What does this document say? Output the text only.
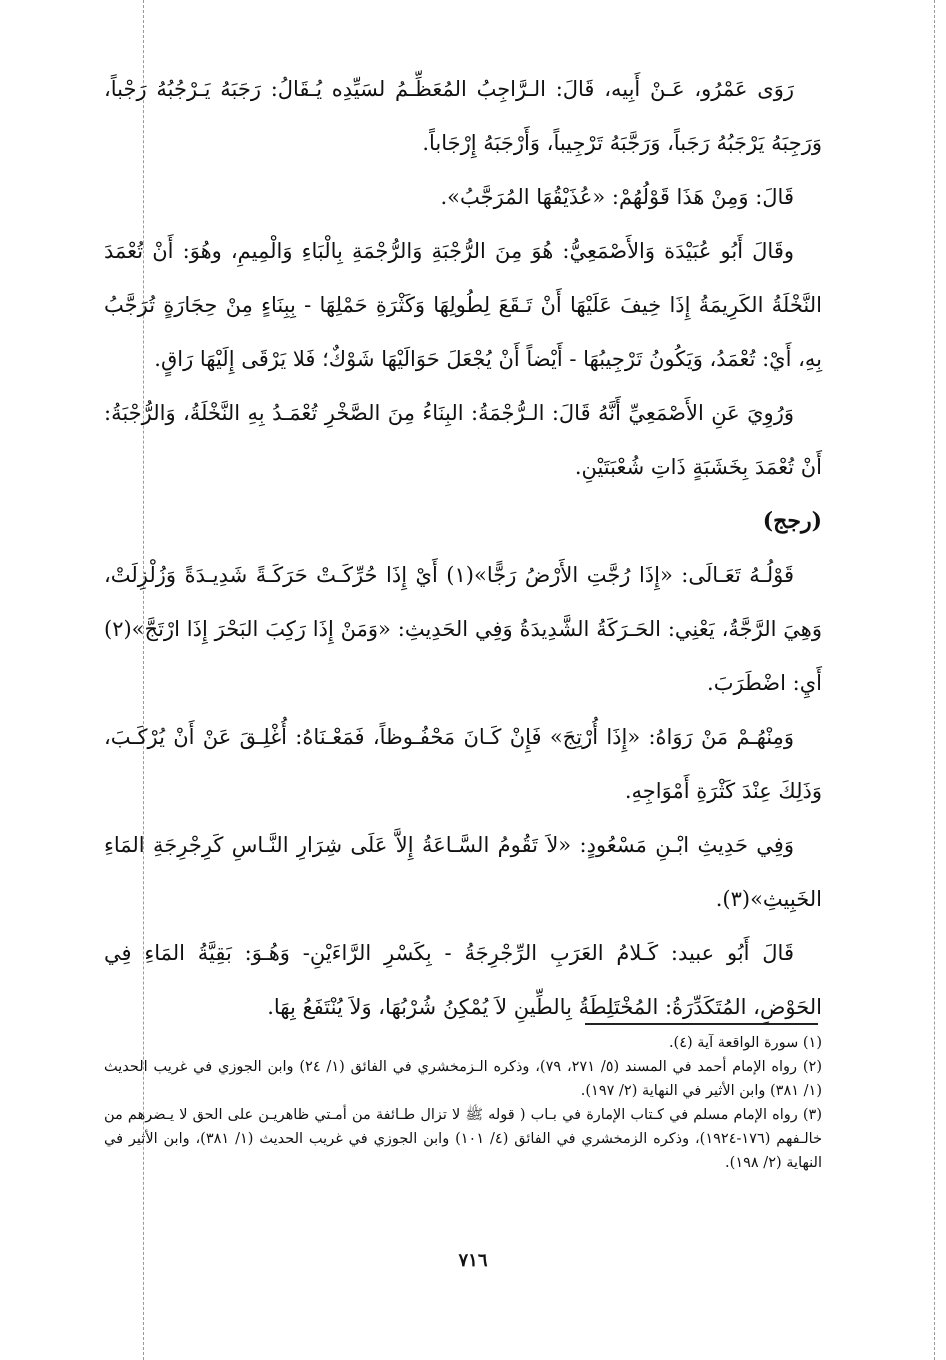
رَوَى عَمْرُو، عَـنْ أَبِيه، قَالَ: الـرَّاجِبُ المُعَظِّـمُ لسَيِّدِه يُـقَالُ: رَجَبَهُ يَـرْجُبُهُ رَجْباً، وَرَجِبَهُ يَرْجَبُهُ رَجَباً، وَرَجَّبَهُ تَرْجِيباً، وَأَرْجَبَهُ إِرْجَاباً.

قَالَ: وَمِنْ هَذَا قَوْلُهُمْ: «عُذَيْقُهَا المُرَجَّبُ».

وقَالَ أَبُو عُبَيْدَة وَالأَصْمَعِيُّ: هُوَ مِنَ الرُّجْبَةِ وَالرُّجْمَةِ بِالْبَاءِ وَالْمِيمِ، وهُوَ: أَنْ تُعْمَدَ النَّخْلَةُ الكَرِيمَةُ إِذَا خِيفَ عَلَيْهَا أَنْ تَـقَعَ لِطُولِهَا وَكَثْرَةِ حَمْلِهَا - بِبِنَاءٍ مِنْ حِجَارَةٍ تُرَجَّبُ بِهِ، أَيْ: تُعْمَدُ، وَيَكُونُ تَرْجِيبُهَا - أَيْضاً أَنْ يُجْعَلَ حَوَالَيْهَا شَوْكٌ؛ فَلا يَرْقَى إِلَيْهَا رَاقٍ.

وَرُوِيَ عَنِ الأَصْمَعِيِّ أَنَّهُ قَالَ: الـرُّجْمَةُ: البِنَاءُ مِنَ الصَّخْرِ تُعْمَـدُ بِهِ النَّخْلَةُ، وَالرُّجْبَةُ: أَنْ تُعْمَدَ بِخَشَبَةٍ ذَاتِ شُعْبَتَيْنِ.

(رجج)

قَوْلُـهُ تَعَـالَى: «إِذَا رُجَّتِ الأَرْضُ رَجًّا»(١) أَيْ إِذَا حُرِّكَـتْ حَرَكَـةً شَدِيـدَةً وَزُلْزِلَتْ، وَهِيَ الرَّجَّةُ، يَعْنِي: الحَـرَكَةُ الشَّدِيدَةُ وَفِي الحَدِيثِ: «وَمَنْ إِذَا رَكِبَ البَحْرَ إِذَا ارْتَجَّ»(٢) أَيِ: اضْطَرَبَ.

وَمِنْهُـمْ مَنْ رَوَاهُ: «إِذَا أُرْتِجَ» فَإِنْ كَـانَ مَحْفُـوظاً، فَمَعْـنَاهُ: أُغْلِـقَ عَنْ أَنْ يُرْكَـبَ، وَذَلِكَ عِنْدَ كَثْرَةِ أَمْوَاجِهِ.

وَفِي حَدِيثِ ابْـنِ مَسْعُودٍ: «لاَ تَقُومُ السَّـاعَةُ إِلاَّ عَلَى شِرَارِ النَّـاسِ كَرِجْرِجَةِ المَاءِ الخَبِيثِ»(٣).

قَالَ أَبُو عبيد: كَـلامُ العَرَبِ الرِّجْرِجَةُ - بِكَسْرِ الرَّاءَيْنِ- وَهُـوَ: بَقِيَّةُ المَاءِ فِي الحَوْضِ، المُتَكَدِّرَةُ: المُخْتَلِطَةُ بِالطِّينِ لاَ يُمْكِنُ شُرْبُهَا، وَلاَ يُنْتَفَعُ بِهَا.

(١) سورة الواقعة آية (٤).

(٢) رواه الإمام أحمد في المسند (٥/ ٢٧١، ٧٩)، وذكره الـزمخشري في الفائق (١/ ٢٤) وابن الجوزي في غريب الحديث (١/ ٣٨١) وابن الأثير في النهاية (٢/ ١٩٧).

(٣) رواه الإمام مسلم في كـتاب الإمارة في بـاب ( قوله ﷺ لا تزال طـائفة من أمـتي ظاهريـن على الحق لا يـضرهم من خالـفهم (١٧٦-١٩٢٤)، وذكره الزمخشري في الفائق (٤/ ١٠١) وابن الجوزي في غريب الحديث (١/ ٣٨١)، وابن الأثير في النهاية (٢/ ١٩٨).

٧١٦
